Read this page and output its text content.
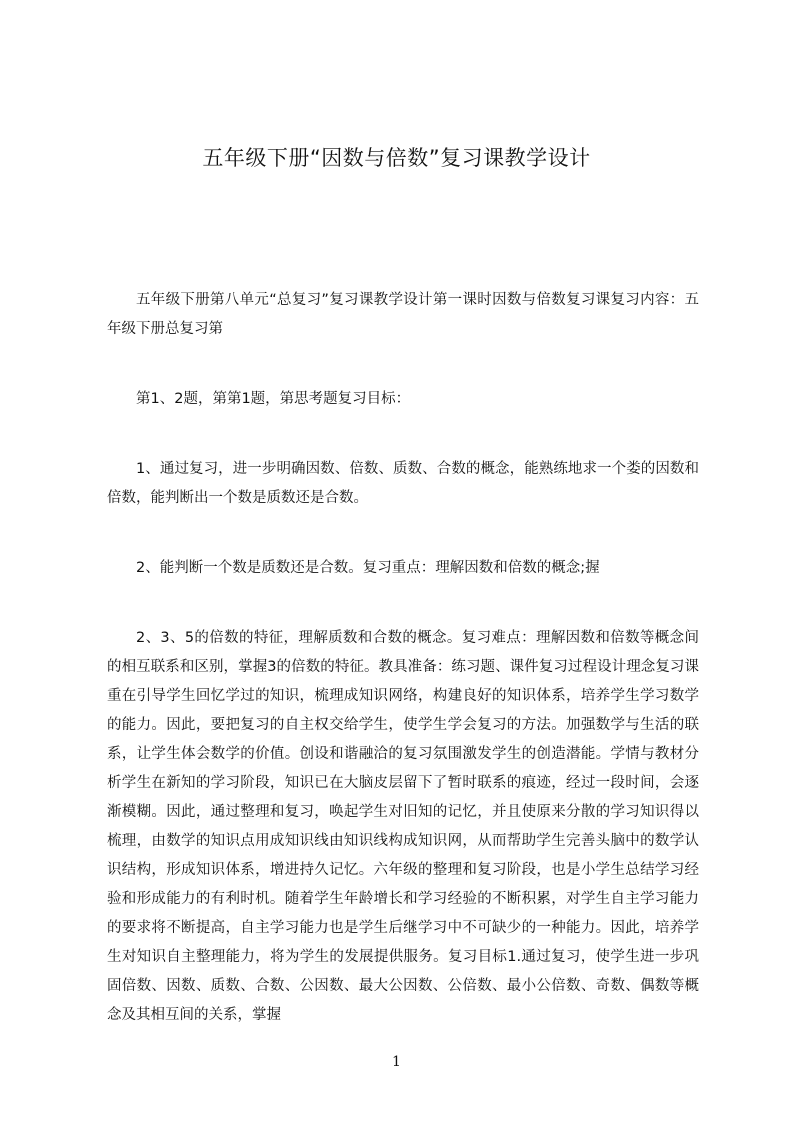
五年级下册“因数与倍数”复习课教学设计

五年级下册第八单元“总复习”复习课教学设计第一课时因数与倍数复习课复习内容：五年级下册总复习第

第1、2题，第第1题，第思考题复习目标：

1、通过复习，进一步明确因数、倍数、质数、合数的概念，能熟练地求一个娄的因数和倍数，能判断出一个数是质数还是合数。

2、能判断一个数是质数还是合数。复习重点：理解因数和倍数的概念;握

2、3、5的倍数的特征，理解质数和合数的概念。复习难点：理解因数和倍数等概念间的相互联系和区别，掌握3的倍数的特征。教具准备：练习题、课件复习过程设计理念复习课重在引导学生回忆学过的知识，梳理成知识网络，构建良好的知识体系，培养学生学习数学的能力。因此，要把复习的自主权交给学生，使学生学会复习的方法。加强数学与生活的联系，让学生体会数学的价值。创设和谐融洽的复习氛围激发学生的创造潜能。学情与教材分析学生在新知的学习阶段，知识已在大脑皮层留下了暂时联系的痕迹，经过一段时间，会逐渐模糊。因此，通过整理和复习，唤起学生对旧知的记忆，并且使原来分散的学习知识得以梳理，由数学的知识点用成知识线由知识线构成知识网，从而帮助学生完善头脑中的数学认识结构，形成知识体系，增进持久记忆。六年级的整理和复习阶段，也是小学生总结学习经验和形成能力的有利时机。随着学生年龄增长和学习经验的不断积累，对学生自主学习能力的要求将不断提高，自主学习能力也是学生后继学习中不可缺少的一种能力。因此，培养学生对知识自主整理能力，将为学生的发展提供服务。复习目标1.通过复习，使学生进一步巩固倍数、因数、质数、合数、公因数、最大公因数、公倍数、最小公倍数、奇数、偶数等概念及其相互间的关系，掌握

1
